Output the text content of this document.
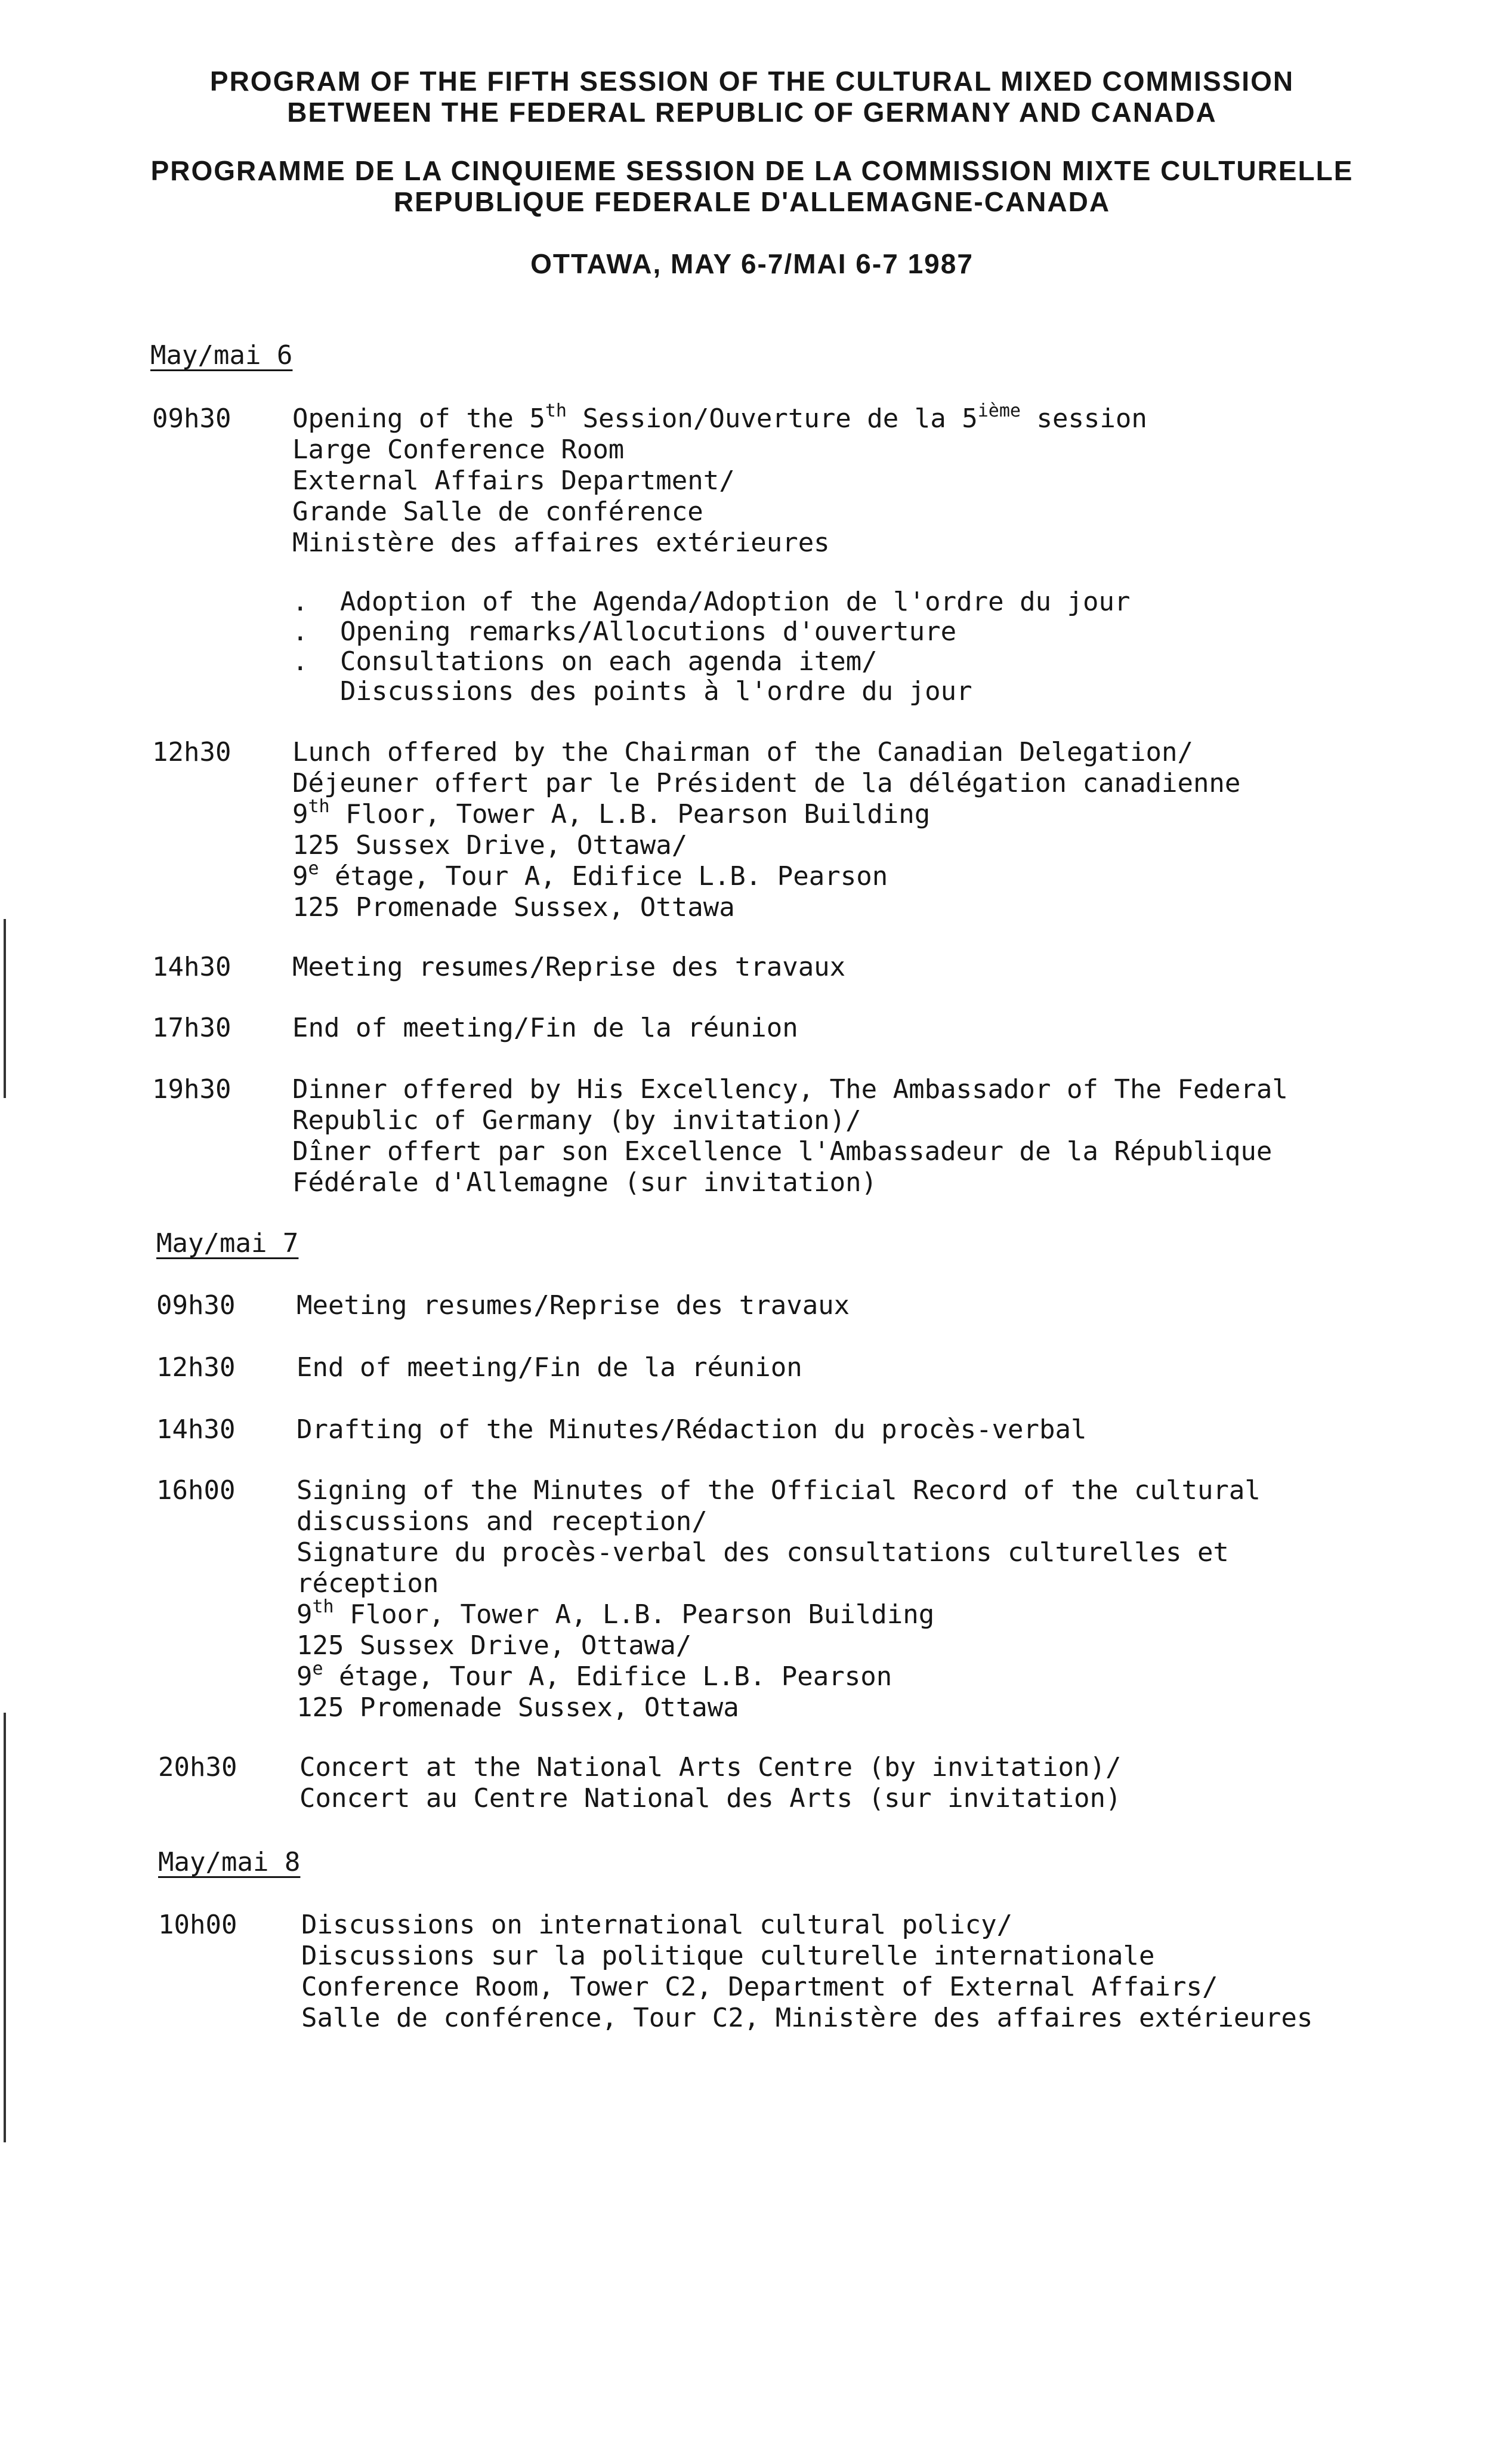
PROGRAM OF THE FIFTH SESSION OF THE CULTURAL MIXED COMMISSION
BETWEEN THE FEDERAL REPUBLIC OF GERMANY AND CANADA
PROGRAMME DE LA CINQUIEME SESSION DE LA COMMISSION MIXTE CULTURELLE
REPUBLIQUE FEDERALE D'ALLEMAGNE-CANADA
OTTAWA, MAY 6-7/MAI 6-7 1987
May/mai 6
09h30 Opening of the 5th Session/Ouverture de la 5ième session
Large Conference Room
External Affairs Department/
Grande Salle de conférence
Ministère des affaires extérieures
. Adoption of the Agenda/Adoption de l'ordre du jour
. Opening remarks/Allocutions d'ouverture
. Consultations on each agenda item/
Discussions des points à l'ordre du jour
12h30 Lunch offered by the Chairman of the Canadian Delegation/
Déjeuner offert par le Président de la délégation canadienne
9th Floor, Tower A, L.B. Pearson Building
125 Sussex Drive, Ottawa/
9e étage, Tour A, Edifice L.B. Pearson
125 Promenade Sussex, Ottawa
14h30 Meeting resumes/Reprise des travaux
17h30 End of meeting/Fin de la réunion
19h30 Dinner offered by His Excellency, The Ambassador of The Federal
Republic of Germany (by invitation)/
Dîner offert par son Excellence l'Ambassadeur de la République
Fédérale d'Allemagne (sur invitation)
May/mai 7
09h30 Meeting resumes/Reprise des travaux
12h30 End of meeting/Fin de la réunion
14h30 Drafting of the Minutes/Rédaction du procès-verbal
16h00 Signing of the Minutes of the Official Record of the cultural
discussions and reception/
Signature du procès-verbal des consultations culturelles et
réception
9th Floor, Tower A, L.B. Pearson Building
125 Sussex Drive, Ottawa/
9e étage, Tour A, Edifice L.B. Pearson
125 Promenade Sussex, Ottawa
20h30 Concert at the National Arts Centre (by invitation)/
Concert au Centre National des Arts (sur invitation)
May/mai 8
10h00 Discussions on international cultural policy/
Discussions sur la politique culturelle internationale
Conference Room, Tower C2, Department of External Affairs/
Salle de conférence, Tour C2, Ministère des affaires extérieures
